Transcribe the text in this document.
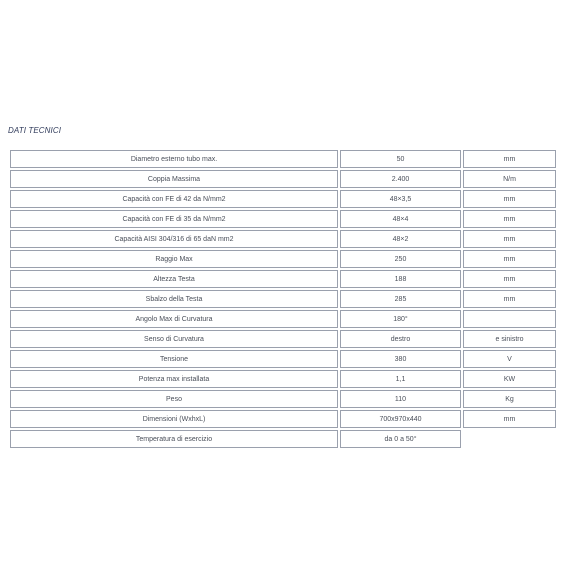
DATI TECNICI
Diametro esterno tubo max.	50	mm
Coppia Massima	2.400	N/m
Capacità con FE di 42 da N/mm2	48×3,5	mm
Capacità con FE di 35 da N/mm2	48×4	mm
Capacità AISI 304/316 di 65 daN mm2	48×2	mm
Raggio Max	250	mm
Altezza Testa	188	mm
Sbalzo della Testa	285	mm
Angolo Max di Curvatura	180°	
Senso di Curvatura	destro	e sinistro
Tensione	380	V
Potenza max installata	1,1	KW
Peso	110	Kg
Dimensioni (WxhxL)	700x970x440	mm
Temperatura di esercizio	da 0 a 50°	
